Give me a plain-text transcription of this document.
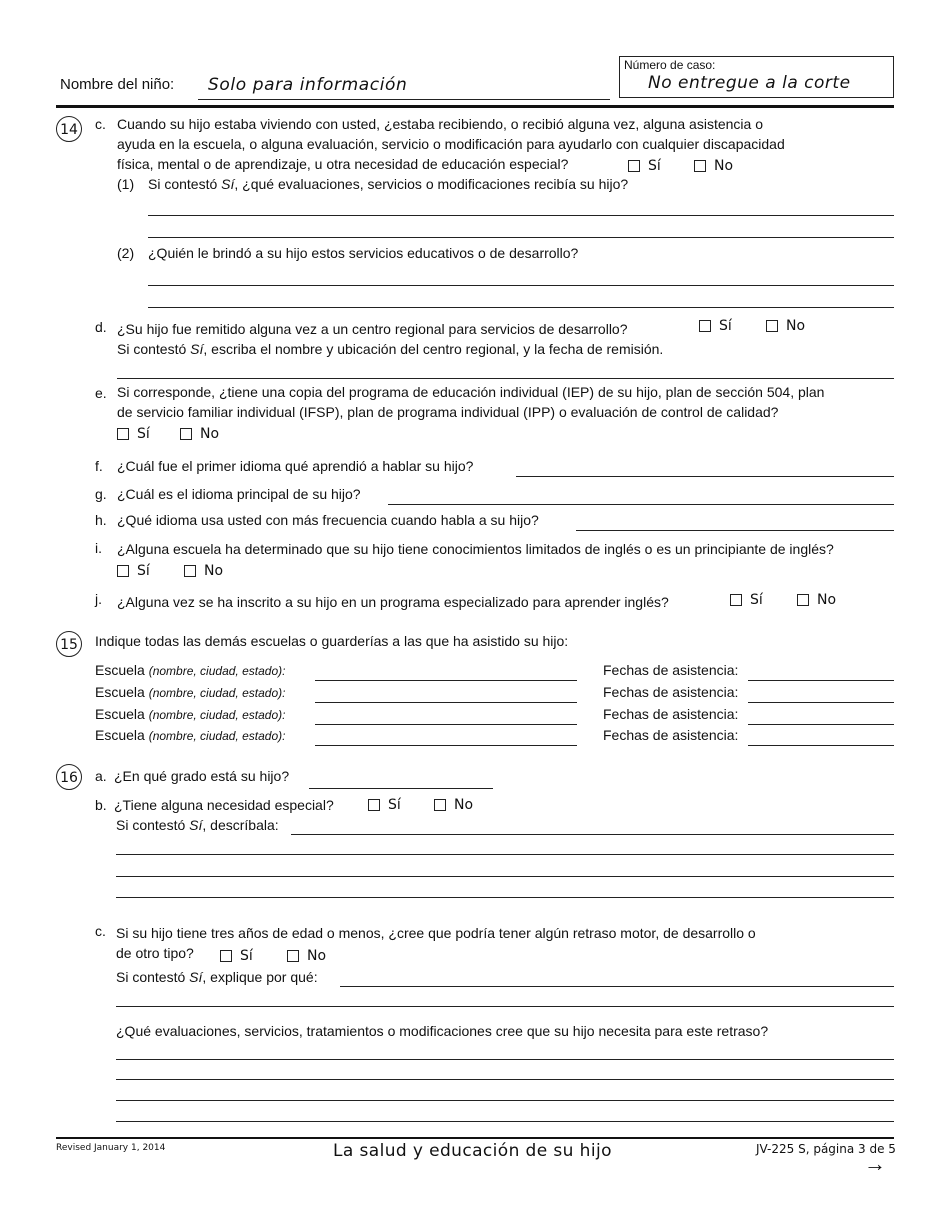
Nombre del niño: Solo para información
Número de caso:
No entregue a la corte
14 c. Cuando su hijo estaba viviendo con usted, ¿estaba recibiendo, o recibió alguna vez, alguna asistencia o
ayuda en la escuela, o alguna evaluación, servicio o modificación para ayudarlo con cualquier discapacidad
física, mental o de aprendizaje, u otra necesidad de educación especial?	Sí	No
(1) Si contestó Sí, ¿qué evaluaciones, servicios o modificaciones recibía su hijo?
(2) ¿Quién le brindó a su hijo estos servicios educativos o de desarrollo?
d. ¿Su hijo fue remitido alguna vez a un centro regional para servicios de desarrollo?	Sí	No
Si contestó Sí, escriba el nombre y ubicación del centro regional, y la fecha de remisión.
e. Si corresponde, ¿tiene una copia del programa de educación individual (IEP) de su hijo, plan de sección 504, plan
de servicio familiar individual (IFSP), plan de programa individual (IPP) o evaluación de control de calidad?
Sí	No
f. ¿Cuál fue el primer idioma qué aprendió a hablar su hijo?
g. ¿Cuál es el idioma principal de su hijo?
h. ¿Qué idioma usa usted con más frecuencia cuando habla a su hijo?
i. ¿Alguna escuela ha determinado que su hijo tiene conocimientos limitados de inglés o es un principiante de inglés?
Sí	No
j. ¿Alguna vez se ha inscrito a su hijo en un programa especializado para aprender inglés?	Sí	No
15 Indique todas las demás escuelas o guarderías a las que ha asistido su hijo:
Escuela (nombre, ciudad, estado):	Fechas de asistencia:
Escuela (nombre, ciudad, estado):	Fechas de asistencia:
Escuela (nombre, ciudad, estado):	Fechas de asistencia:
Escuela (nombre, ciudad, estado):	Fechas de asistencia:
16 a. ¿En qué grado está su hijo?
b. ¿Tiene alguna necesidad especial?	Sí	No
Si contestó Sí, descríbala:
c. Si su hijo tiene tres años de edad o menos, ¿cree que podría tener algún retraso motor, de desarrollo o
de otro tipo?	Sí	No
Si contestó Sí, explique por qué:
¿Qué evaluaciones, servicios, tratamientos o modificaciones cree que su hijo necesita para este retraso?
Revised January 1, 2014	La salud y educación de su hijo	JV-225 S, página 3 de 5
→
